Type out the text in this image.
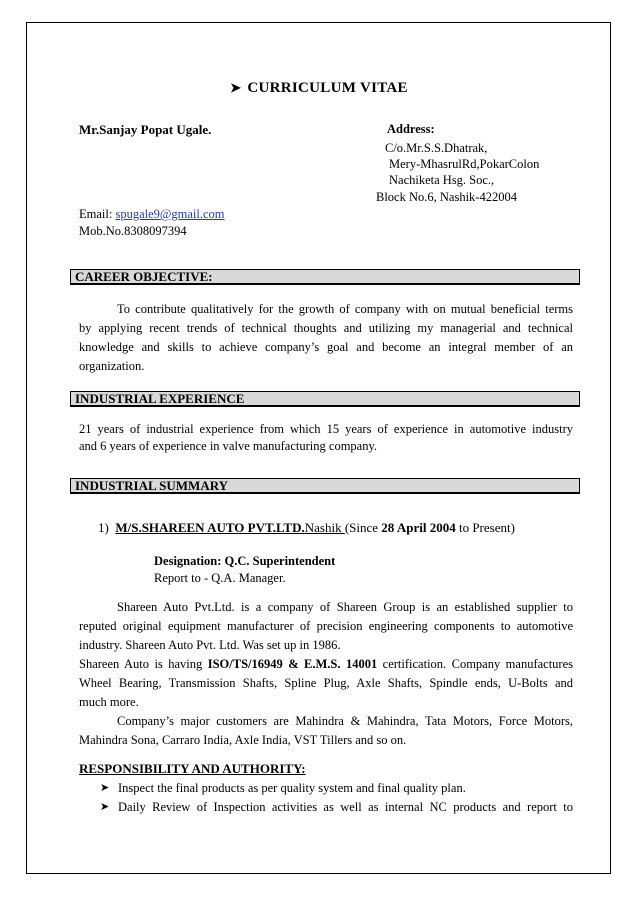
➤ CURRICULUM VITAE
Mr.Sanjay Popat Ugale.	Address:
C/o.Mr.S.S.Dhatrak,
Mery-MhasrulRd,PokarColon
Nachiketa Hsg. Soc.,
Block No.6, Nashik-422004
Email: spugale9@gmail.com
Mob.No.8308097394
CAREER OBJECTIVE:
To contribute qualitatively for the growth of company with on mutual beneficial terms
by applying recent trends of technical thoughts and utilizing my managerial and technical
knowledge and skills to achieve company’s goal and become an integral member of an
organization.
INDUSTRIAL EXPERIENCE
21 years of industrial experience from which 15 years of experience in automotive industry
and 6 years of experience in valve manufacturing company.
INDUSTRIAL SUMMARY
1) M/S.SHAREEN AUTO PVT.LTD.Nashik (Since 28 April 2004 to Present)
Designation: Q.C. Superintendent
Report to - Q.A. Manager.
Shareen Auto Pvt.Ltd. is a company of Shareen Group is an established supplier to
reputed original equipment manufacturer of precision engineering components to automotive
industry. Shareen Auto Pvt. Ltd. Was set up in 1986.
Shareen Auto is having ISO/TS/16949 & E.M.S. 14001 certification. Company manufactures
Wheel Bearing, Transmission Shafts, Spline Plug, Axle Shafts, Spindle ends, U-Bolts and
much more.
Company’s major customers are Mahindra & Mahindra, Tata Motors, Force Motors,
Mahindra Sona, Carraro India, Axle India, VST Tillers and so on.
RESPONSIBILITY AND AUTHORITY:
➤ Inspect the final products as per quality system and final quality plan.
➤ Daily Review of Inspection activities as well as internal NC products and report to
